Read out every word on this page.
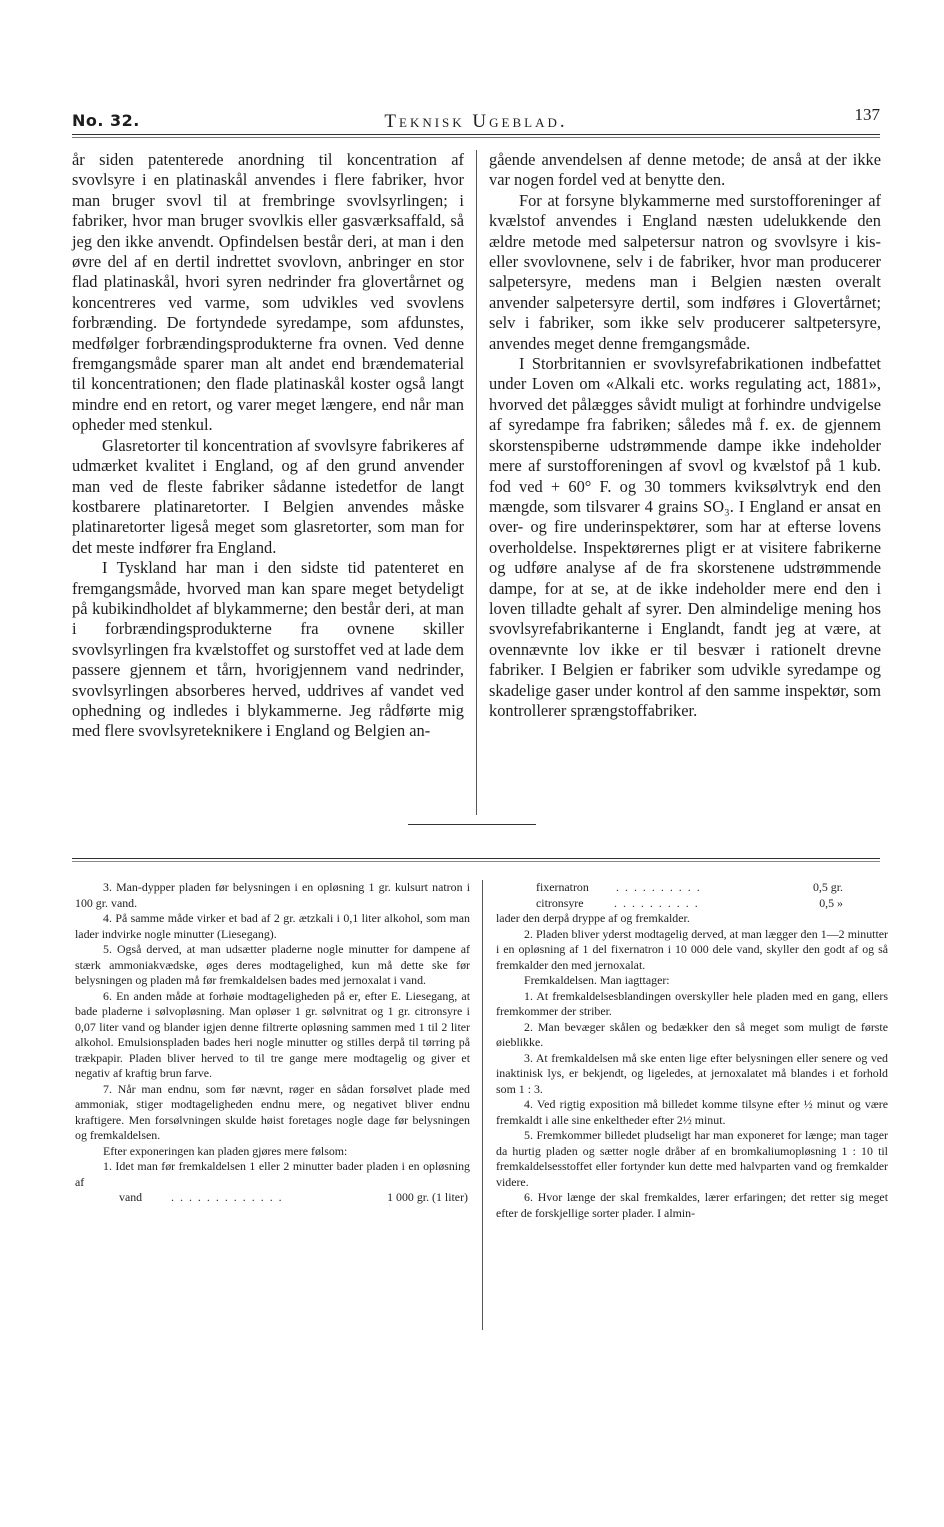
No. 32.	Teknisk Ugeblad.	137

år siden patenterede anordning til koncentration af svovlsyre i en platinaskål anvendes i flere fabriker, hvor man bruger svovl til at frembringe svovlsyrlingen; i fabriker, hvor man bruger svovlkis eller gasværksaffald, så jeg den ikke anvendt. Opfindelsen består deri, at man i den øvre del af en dertil indrettet svovlovn, anbringer en stor flad platinaskål, hvori syren nedrinder fra glovertårnet og koncentreres ved varme, som udvikles ved svovlens forbrænding. De fortyndede syredampe, som afdunstes, medfølger forbrændingsprodukterne fra ovnen. Ved denne fremgangsmåde sparer man alt andet end brændematerial til koncentrationen; den flade platinaskål koster også langt mindre end en retort, og varer meget længere, end når man opheder med stenkul.

Glasretorter til koncentration af svovlsyre fabrikeres af udmærket kvalitet i England, og af den grund anvender man ved de fleste fabriker sådanne istedetfor de langt kostbarere platinaretorter. I Belgien anvendes måske platinaretorter ligeså meget som glasretorter, som man for det meste indfører fra England.

I Tyskland har man i den sidste tid patenteret en fremgangsmåde, hvorved man kan spare meget betydeligt på kubikindholdet af blykammerne; den består deri, at man i forbrændingsprodukterne fra ovnene skiller svovlsyrlingen fra kvælstoffet og surstoffet ved at lade dem passere gjennem et tårn, hvorigjennem vand nedrinder, svovlsyrlingen absorberes herved, uddrives af vandet ved ophedning og indledes i blykammerne. Jeg rådførte mig med flere svovlsyreteknikere i England og Belgien an-

gående anvendelsen af denne metode; de anså at der ikke var nogen fordel ved at benytte den.

For at forsyne blykammerne med surstofforeninger af kvælstof anvendes i England næsten udelukkende den ældre metode med salpetersur natron og svovlsyre i kis- eller svovlovnene, selv i de fabriker, hvor man producerer salpetersyre, medens man i Belgien næsten overalt anvender salpetersyre dertil, som indføres i Glovertårnet; selv i fabriker, som ikke selv producerer saltpetersyre, anvendes meget denne fremgangsmåde.

I Storbritannien er svovlsyrefabrikationen indbefattet under Loven om «Alkali etc. works regulating act, 1881», hvorved det pålægges såvidt muligt at forhindre undvigelse af syredampe fra fabriken; således må f. ex. de gjennem skorstenspiberne udstrømmende dampe ikke indeholder mere af surstofforeningen af svovl og kvælstof på 1 kub. fod ved + 60° F. og 30 tommers kviksølvtryk end den mængde, som tilsvarer 4 grains SO₃. I England er ansat en over- og fire underinspektører, som har at efterse lovens overholdelse. Inspektørernes pligt er at visitere fabrikerne og udføre analyse af de fra skorstenene udstrømmende dampe, for at se, at de ikke indeholder mere end den i loven tilladte gehalt af syrer. Den almindelige mening hos svovlsyrefabrikanterne i Englandt, fandt jeg at være, at ovennævnte lov ikke er til besvær i rationelt drevne fabriker. I Belgien er fabriker som udvikle syredampe og skadelige gaser under kontrol af den samme inspektør, som kontrollerer sprængstoffabriker.

3. Man-dypper pladen før belysningen i en opløsning 1 gr. kulsurt natron i 100 gr. vand.

4. På samme måde virker et bad af 2 gr. ætzkali i 0,1 liter alkohol, som man lader indvirke nogle minutter (Liesegang).

5. Også derved, at man udsætter pladerne nogle minutter for dampene af stærk ammoniakvædske, øges deres modtagelighed, kun må dette ske før belysningen og pladen må før fremkaldelsen bades med jernoxalat i vand.

6. En anden måde at forhøie modtageligheden på er, efter E. Liesegang, at bade pladerne i sølvopløsning. Man opløser 1 gr. sølvnitrat og 1 gr. citronsyre i 0,07 liter vand og blander igjen denne filtrerte opløsning sammen med 1 til 2 liter alkohol. Emulsionspladen bades heri nogle minutter og stilles derpå til tørring på trækpapir. Pladen bliver herved to til tre gange mere modtagelig og giver et negativ af kraftig brun farve.

7. Når man endnu, som før nævnt, røger en sådan forsølvet plade med ammoniak, stiger modtageligheden endnu mere, og negativet bliver endnu kraftigere. Men forsølvningen skulde høist foretages nogle dage før belysningen og fremkaldelsen.

Efter exponeringen kan pladen gjøres mere følsom:

1. Idet man før fremkaldelsen 1 eller 2 minutter bader pladen i en opløsning af

vand .............	1 000 gr. (1 liter)
fixernatron ..........	0,5 gr.
citronsyre	..........	0,5 »

lader den derpå dryppe af og fremkalder.

2. Pladen bliver yderst modtagelig derved, at man lægger den 1—2 minutter i en opløsning af 1 del fixernatron i 10 000 dele vand, skyller den godt af og så fremkalder den med jernoxalat.

Fremkaldelsen. Man iagttager:

1. At fremkaldelsesblandingen overskyller hele pladen med en gang, ellers fremkommer der striber.

2. Man bevæger skålen og bedækker den så meget som muligt de første øieblikke.

3. At fremkaldelsen må ske enten lige efter belysningen eller senere og ved inaktinisk lys, er bekjendt, og ligeledes, at jernoxalatet må blandes i et forhold som 1 : 3.

4. Ved rigtig exposition må billedet komme tilsyne efter ½ minut og være fremkaldt i alle sine enkeltheder efter 2½ minut.

5. Fremkommer billedet pludseligt har man exponeret for længe; man tager da hurtig pladen og sætter nogle dråber af en bromkaliumopløsning 1 : 10 til fremkaldelsesstoffet eller fortynder kun dette med halvparten vand og fremkalder videre.

6. Hvor længe der skal fremkaldes, lærer erfaringen; det retter sig meget efter de forskjellige sorter plader. I almin-
